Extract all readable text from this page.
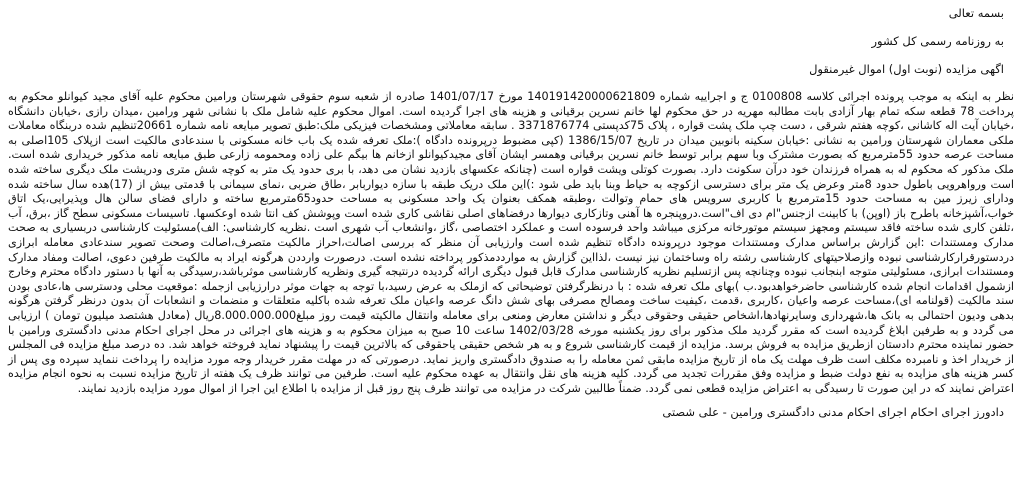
بسمه تعالی
به روزنامه رسمی کل کشور
اگهی مزایده (نوبت اول) اموال غیرمنقول

نظر به اینکه به موجب پرونده اجرائی کلاسه 0100808 ج و اجراییه شماره 140191420000621809 مورخ 1401/07/17 صادره از شعبه سوم حقوقی شهرستان ورامین محکوم علیه آقای مجید کیوانلو محکوم به پرداخت 78 قطعه سکه تمام بهار آزادی بابت مطالبه مهریه در حق محکوم لها خانم نسرین برقیانی و هزینه های اجرا گردیده است. اموال محکوم علیه شامل ملک با نشانی شهر ورامین ،میدان رازی ،خیابان دانشگاه ،خیابان آیت اله کاشانی ،کوچه هفتم شرقی ، دست چپ ملک پشت قواره ، پلاک 75کدپستی 3371876774 . سابقه معاملاتی ومشخصات فیزیکی ملک:طبق تصویر مبایعه نامه شماره 20661تنظیم شده دربنگاه معاملات ملکی معماران شهرستان ورامین به نشانی :خیابان سکینه بانوبین میدان در تاریخ 1386/15/07 (کپی مضبوط درپرونده دادگاه ):ملک تعرفه شده یک باب خانه مسکونی با سندعادی مالکیت است ازپلاک 105اصلی به مساحت عرصه حدود 55مترمربع که بصورت مشترک وبا سهم برابر توسط خانم نسرین برقیانی وهمسر ایشان آقای مجیدکیوانلو ازخانم ها بیگم علی زاده ومحمومه زارعی طبق مبایعه نامه مذکور خریداری شده است. ملک مذکور که محکوم له به همراه فرزندان خود درآن سکونت دارد. بصورت کوتلی ویشت قواره است (چنانکه عکسهای بازدید نشان می دهد، با بری حدود یک متر به کوچه شش متری ودریشت ملک دیگری ساخته شده است ورواهرویی باطول حدود 8متر وعرض یک متر برای دسترسی ازکوچه به حیاط وبنا باید طی شود :)این ملک دریک طبقه با سازه دیواربابر ،طاق ضربی ،نمای سیمانی با قدمتی بیش از (17)هده سال ساخته شده ودارای زیرز مین به مساحت حدود 15مترمربع با کاربری سرویس های حمام وتوالت ،وطبقه همکف بعنوان یک واحد مسکونی به مساحت حدود65مترمربع ساخته و دارای فضای سالن هال وپذیرایی،یک اتاق خواب،آشپزخانه باطرح باز (اوپن) با کابینت ازجنس"ام دی اف"است.دروپنجره ها آهنی وتازکاری دیوارها درفضاهای اصلی نقاشی کاری شده است وپوشش کف انتا شده اوعکسها. تاسیسات مسکونی سطح گاز ،برق، آب ،تلفن کاری شده ساخته فاقد سیستم ومجهز سیستم موتورخانه مرکزی میباشد واحد فرسوده است و عملکرد اختصاصی ،گاز ،وانشعاب آب شهری است .نظریه کارشناسی: الف)مسئولیت کارشناسی دربسیاری به صحت مدارک ومستندات :این گزارش براساس مدارک ومستندات موجود درپرونده دادگاه تنظیم شده است وارزیابی آن منظر که بررسی اصالت،احراز مالکیت متصرف،اصالت وصحت تصویر سندعادی معامله ابرازی دردستورقرارکارشناسی نبوده وازصلاحیتهای کارشناسی رشته راه وساختمان نیز نیست ،لذااین گزارش به موارددمذکور پرداخته نشده است. درصورت وارددن هرگونه ایراد به مالکیت طرفین دعوی، اصالت ومفاد مدارک ومستندات ابرازی، مسئولیتی متوجه ابنجانب نبوده وچنانچه پس ازتسلیم نظریه کارشناسی مدارک قابل قبول دیگری ارائه گردیده درنتیجه گیری ونظریه کارشناسی موثرباشد،رسیدگی به آنها با دستور دادگاه محترم وخارج ازشمول اقدامات انجام شده کارشناسی حاضرخواهدبود.ب )بهای ملک تعرفه شده : با درنظرگرفتن توضیحاتی که ازملک به عرض رسید،با توجه به جهات موثر درارزیابی ازجمله :موقعیت محلی ودسترسی ها،عادی بودن سند مالکیت (قولنامه ای)،مساحت عرصه واعیان ،کاربری ،قدمت ،کیفیت ساخت ومصالح مصرفی بهای شش دانگ عرصه واعیان ملک تعرفه شده باکلیه متعلقات و منضمات و انشعابات آن بدون درنظر گرفتن هرگونه بدهی ودیون احتمالی به بانک ها،شهرداری وسایرنهادها،اشخاص حقیقی وحقوقی دیگر و نداشتن معارض ومنعی برای معامله وانتقال مالکیته قیمت روز مبلغ8.000.000.000ریال (معادل هشتصد میلیون تومان ) ارزیابی می گردد و به طرفین ابلاغ گردیده است که مقرر گردید ملک مذکور برای روز یکشنبه مورخه 1402/03/28 ساعت 10 صبح به میزان محکوم به و هزینه های اجرائی در محل اجرای احکام مدنی دادگستری ورامین با حضور نماینده محترم دادستان ازطریق مزایده به فروش برسد. مزایده از قیمت کارشناسی شروع و به هر شخص حقیقی یاحقوقی که بالاترین قیمت را پیشنهاد نماید فروخته خواهد شد. ده درصد مبلغ مزایده فی المجلس از خریدار اخذ و نامبرده مکلف است ظرف مهلت یک ماه از تاریخ مزایده مابقی ثمن معامله را به صندوق دادگستری واریز نماید. درصورتی که در مهلت مقرر خریدار وجه مورد مزایده را پرداخت ننماید سپرده وی پس از کسر هزینه های مزایده به نفع دولت ضبط و مزایده وفق مقررات تجدید می گردد. کلیه هزینه های نقل وانتقال به عهده محکوم علیه است. طرفین می توانند ظرف یک هفته از تاریخ مزایده نسبت به نحوه انجام مزایده اعتراض نمایند که در این صورت تا رسیدگی به اعتراض مزایده قطعی نمی گردد. ضمناً طالبین شرکت در مزایده می توانند ظرف پنج روز قبل از مزایده با اطلاع این اجرا از اموال مورد مزایده بازدید نمایند.

دادورز اجرای احکام اجرای احکام مدنی دادگستری ورامین - علی شصتی
